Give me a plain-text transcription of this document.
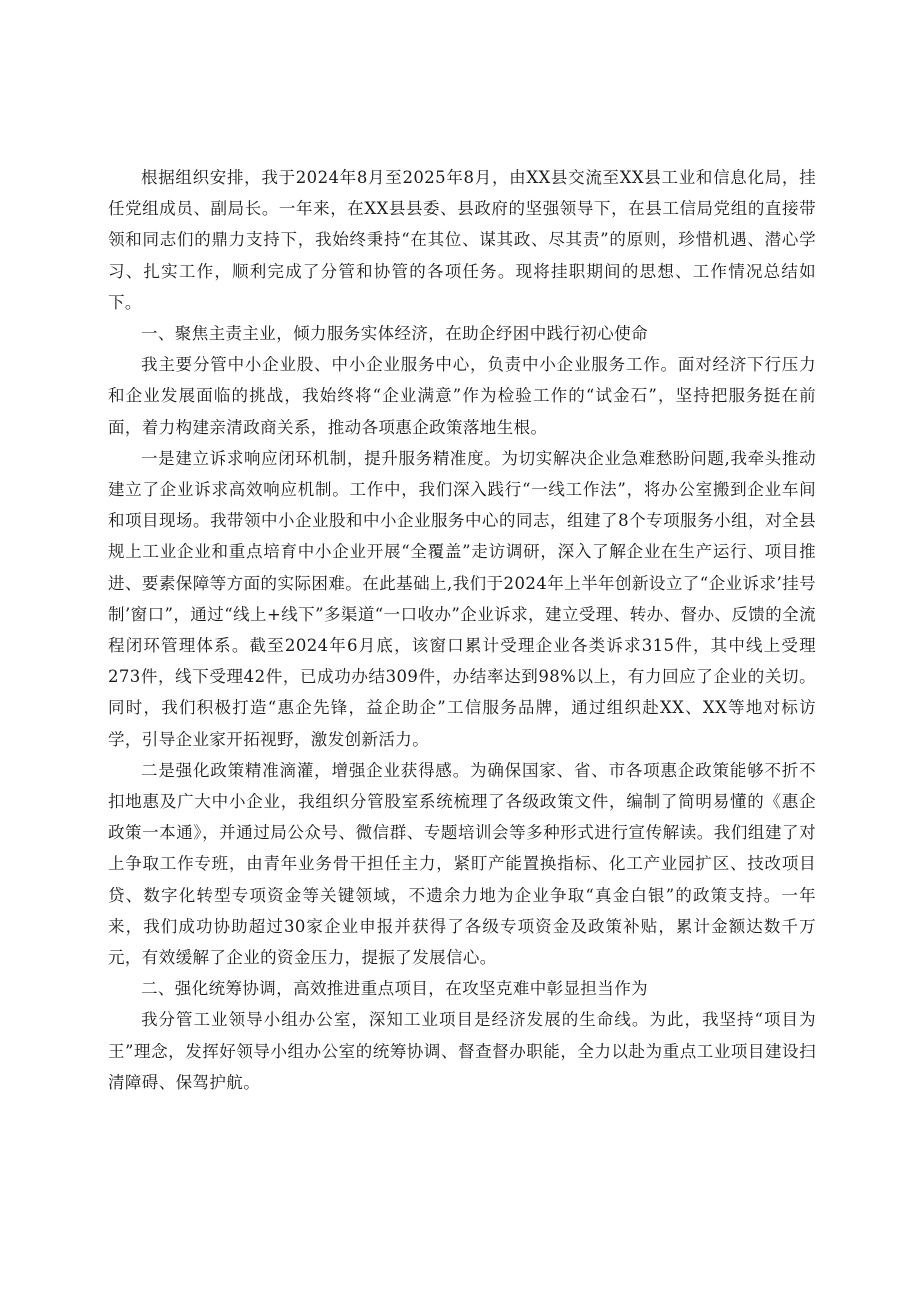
根据组织安排，我于2024年8月至2025年8月，由XX县交流至XX县工业和信息化局，挂任党组成员、副局长。一年来，在XX县县委、县政府的坚强领导下，在县工信局党组的直接带领和同志们的鼎力支持下，我始终秉持“在其位、谋其政、尽其责”的原则，珍惜机遇、潜心学习、扎实工作，顺利完成了分管和协管的各项任务。现将挂职期间的思想、工作情况总结如下。

一、聚焦主责主业，倾力服务实体经济，在助企纾困中践行初心使命

我主要分管中小企业股、中小企业服务中心，负责中小企业服务工作。面对经济下行压力和企业发展面临的挑战，我始终将“企业满意”作为检验工作的“试金石”，坚持把服务挺在前面，着力构建亲清政商关系，推动各项惠企政策落地生根。

一是建立诉求响应闭环机制，提升服务精准度。为切实解决企业急难愁盼问题,我牵头推动建立了企业诉求高效响应机制。工作中，我们深入践行“一线工作法”，将办公室搬到企业车间和项目现场。我带领中小企业股和中小企业服务中心的同志，组建了8个专项服务小组，对全县规上工业企业和重点培育中小企业开展“全覆盖”走访调研，深入了解企业在生产运行、项目推进、要素保障等方面的实际困难。在此基础上,我们于2024年上半年创新设立了“企业诉求’挂号制’窗口”，通过“线上+线下”多渠道“一口收办”企业诉求，建立受理、转办、督办、反馈的全流程闭环管理体系。截至2024年6月底，该窗口累计受理企业各类诉求315件，其中线上受理273件，线下受理42件，已成功办结309件，办结率达到98%以上，有力回应了企业的关切。同时，我们积极打造“惠企先锋，益企助企”工信服务品牌，通过组织赴XX、XX等地对标访学，引导企业家开拓视野，激发创新活力。

二是强化政策精准滴灌，增强企业获得感。为确保国家、省、市各项惠企政策能够不折不扣地惠及广大中小企业，我组织分管股室系统梳理了各级政策文件，编制了简明易懂的《惠企政策一本通》，并通过局公众号、微信群、专题培训会等多种形式进行宣传解读。我们组建了对上争取工作专班，由青年业务骨干担任主力，紧盯产能置换指标、化工产业园扩区、技改项目贷、数字化转型专项资金等关键领域，不遗余力地为企业争取“真金白银”的政策支持。一年来，我们成功协助超过30家企业申报并获得了各级专项资金及政策补贴，累计金额达数千万元，有效缓解了企业的资金压力，提振了发展信心。

二、强化统筹协调，高效推进重点项目，在攻坚克难中彰显担当作为

我分管工业领导小组办公室，深知工业项目是经济发展的生命线。为此，我坚持“项目为王”理念，发挥好领导小组办公室的统筹协调、督查督办职能，全力以赴为重点工业项目建设扫清障碍、保驾护航。
